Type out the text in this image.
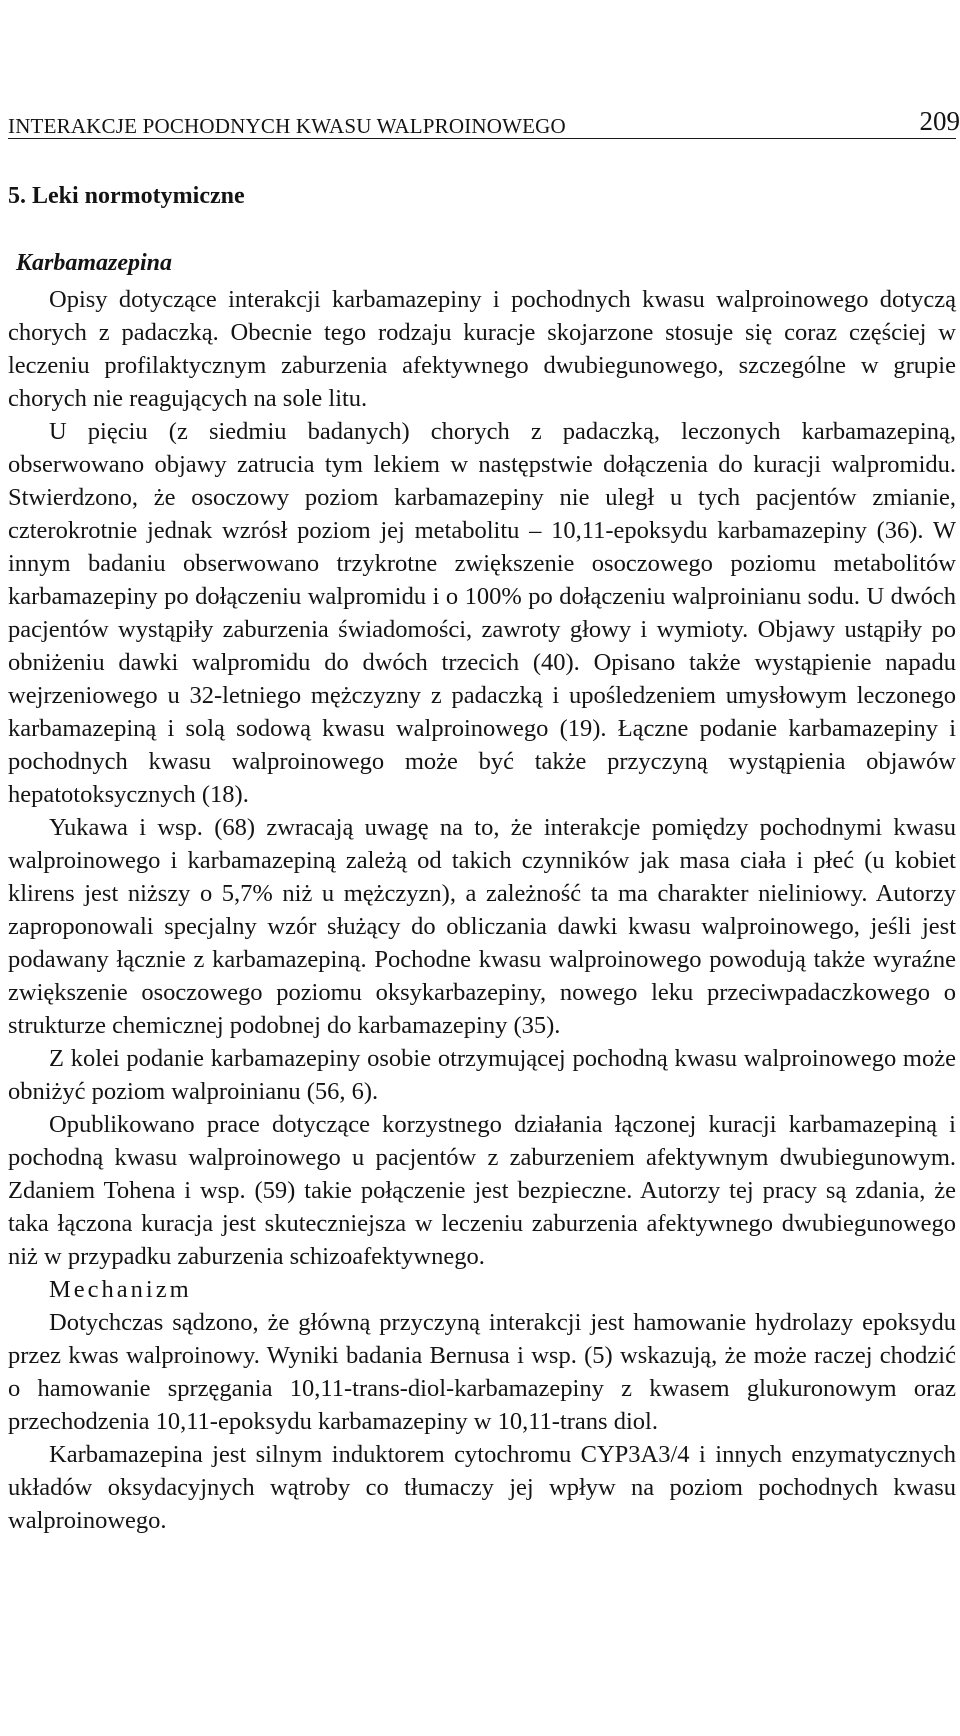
INTERAKCJE POCHODNYCH KWASU WALPROINOWEGO	209
5. Leki normotymiczne
Karbamazepina

Opisy dotyczące interakcji karbamazepiny i pochodnych kwasu walproinowego dotyczą chorych z padaczką. Obecnie tego rodzaju kuracje skojarzone stosuje się coraz częściej w leczeniu profilaktycznym zaburzenia afektywnego dwubiegunowego, szczególne w grupie chorych nie reagujących na sole litu.

U pięciu (z siedmiu badanych) chorych z padaczką, leczonych karbamazepiną, obserwowano objawy zatrucia tym lekiem w następstwie dołączenia do kuracji walpromidu. Stwierdzono, że osoczowy poziom karbamazepiny nie uległ u tych pacjentów zmianie, czterokrotnie jednak wzrósł poziom jej metabolitu – 10,11-epoksydu karbamazepiny (36). W innym badaniu obserwowano trzykrotne zwiększenie osoczowego poziomu metabolitów karbamazepiny po dołączeniu walpromidu i o 100% po dołączeniu walproinianu sodu. U dwóch pacjentów wystąpiły zaburzenia świadomości, zawroty głowy i wymioty. Objawy ustąpiły po obniżeniu dawki walpromidu do dwóch trzecich (40). Opisano także wystąpienie napadu wejrzeniowego u 32-letniego mężczyzny z padaczką i upośledzeniem umysłowym leczonego karbamazepiną i solą sodową kwasu walproinowego (19). Łączne podanie karbamazepiny i pochodnych kwasu walproinowego może być także przyczyną wystąpienia objawów hepatotoksycznych (18).

Yukawa i wsp. (68) zwracają uwagę na to, że interakcje pomiędzy pochodnymi kwasu walproinowego i karbamazepiną zależą od takich czynników jak masa ciała i płeć (u kobiet klirens jest niższy o 5,7% niż u mężczyzn), a zależność ta ma charakter nieliniowy. Autorzy zaproponowali specjalny wzór służący do obliczania dawki kwasu walproinowego, jeśli jest podawany łącznie z karbamazepiną. Pochodne kwasu walproinowego powodują także wyraźne zwiększenie osoczowego poziomu oksykarbazepiny, nowego leku przeciwpadaczkowego o strukturze chemicznej podobnej do karbamazepiny (35).

Z kolei podanie karbamazepiny osobie otrzymującej pochodną kwasu walproinowego może obniżyć poziom walproinianu (56, 6).

Opublikowano prace dotyczące korzystnego działania łączonej kuracji karbamazepiną i pochodną kwasu walproinowego u pacjentów z zaburzeniem afektywnym dwubiegunowym. Zdaniem Tohena i wsp. (59) takie połączenie jest bezpieczne. Autorzy tej pracy są zdania, że taka łączona kuracja jest skuteczniejsza w leczeniu zaburzenia afektywnego dwubiegunowego niż w przypadku zaburzenia schizoafektywnego.

Mechanizm

Dotychczas sądzono, że główną przyczyną interakcji jest hamowanie hydrolazy epoksydu przez kwas walproinowy. Wyniki badania Bernusa i wsp. (5) wskazują, że może raczej chodzić o hamowanie sprzęgania 10,11-trans-diol-karbamazepiny z kwasem glukuronowym oraz przechodzenia 10,11-epoksydu karbamazepiny w 10,11-trans diol.

Karbamazepina jest silnym induktorem cytochromu CYP3A3/4 i innych enzymatycznych układów oksydacyjnych wątroby co tłumaczy jej wpływ na poziom pochodnych kwasu walproinowego.
